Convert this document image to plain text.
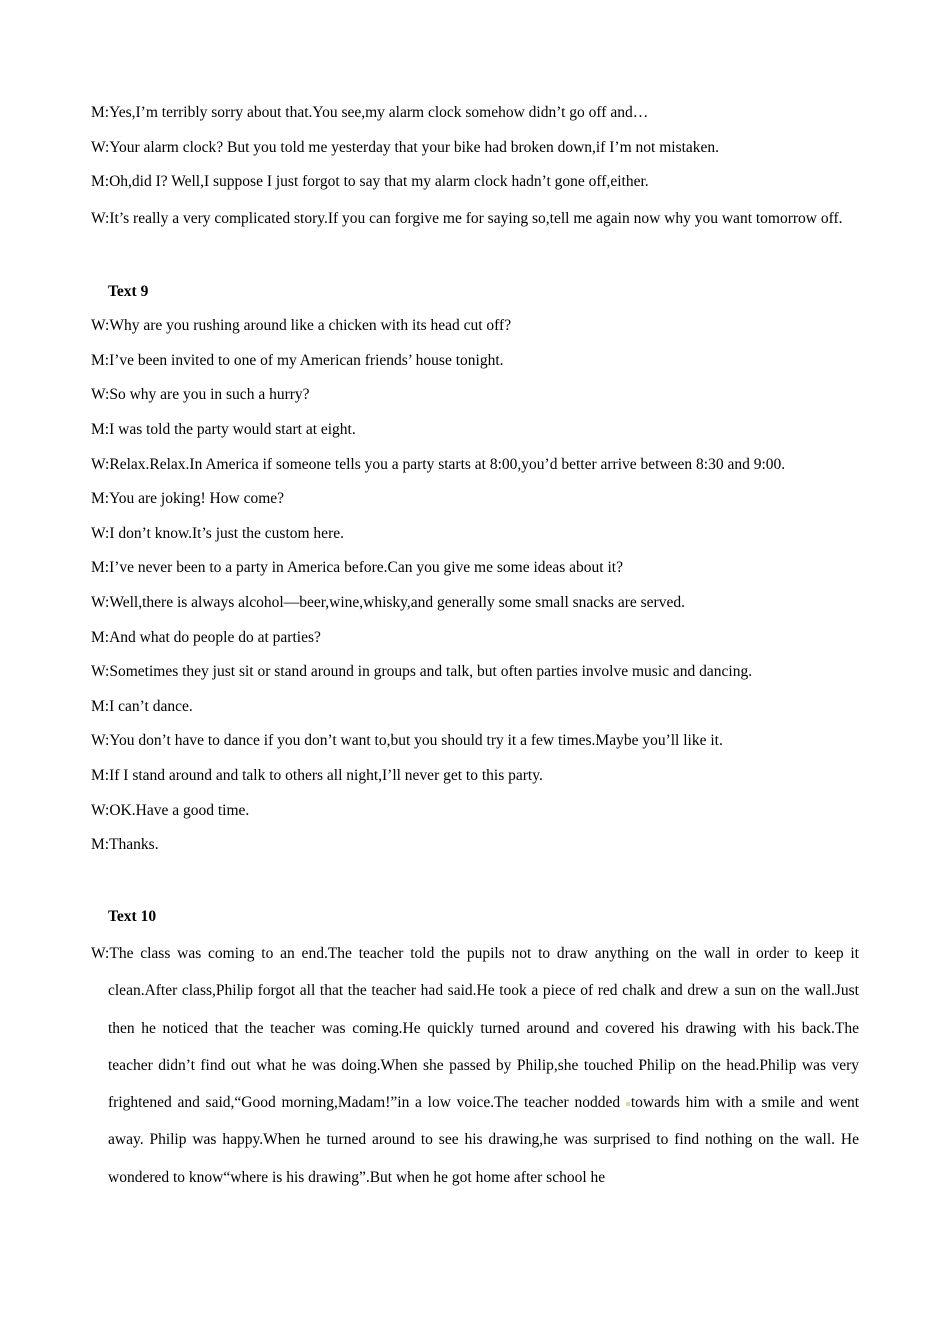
M:Yes,I’m terribly sorry about that.You see,my alarm clock somehow didn’t go off and…

W:Your alarm clock? But you told me yesterday that your bike had broken down,if I’m not mistaken.

M:Oh,did I? Well,I suppose I just forgot to say that my alarm clock hadn’t gone off,either.

W:It’s really a very complicated story.If you can forgive me for saying so,tell me again now why you want tomorrow off.

Text 9

W:Why are you rushing around like a chicken with its head cut off?

M:I’ve been invited to one of my American friends’ house tonight.

W:So why are you in such a hurry?

M:I was told the party would start at eight.

W:Relax.Relax.In America if someone tells you a party starts at 8:00,you’d better arrive between 8:30 and 9:00.

M:You are joking! How come?

W:I don’t know.It’s just the custom here.

M:I’ve never been to a party in America before.Can you give me some ideas about it?

W:Well,there is always alcohol—beer,wine,whisky,and generally some small snacks are served.

M:And what do people do at parties?

W:Sometimes they just sit or stand around in groups and talk, but often parties involve music and dancing.

M:I can’t dance.

W:You don’t have to dance if you don’t want to,but you should try it a few times.Maybe you’ll like it.

M:If I stand around and talk to others all night,I’ll never get to this party.

W:OK.Have a good time.

M:Thanks.

Text 10

W:The class was coming to an end.The teacher told the pupils not to draw anything on the wall in order to keep it clean.After class,Philip forgot all that the teacher had said.He took a piece of red chalk and drew a sun on the wall.Just then he noticed that the teacher was coming.He quickly turned around and covered his drawing with his back.The teacher didn’t find out what he was doing.When she passed by Philip,she touched Philip on the head.Philip was very frightened and said,“Good morning,Madam!”in a low voice.The teacher nodded towards him with a smile and went away. Philip was happy.When he turned around to see his drawing,he was surprised to find nothing on the wall. He wondered to know“where is his drawing”.But when he got home after school he
